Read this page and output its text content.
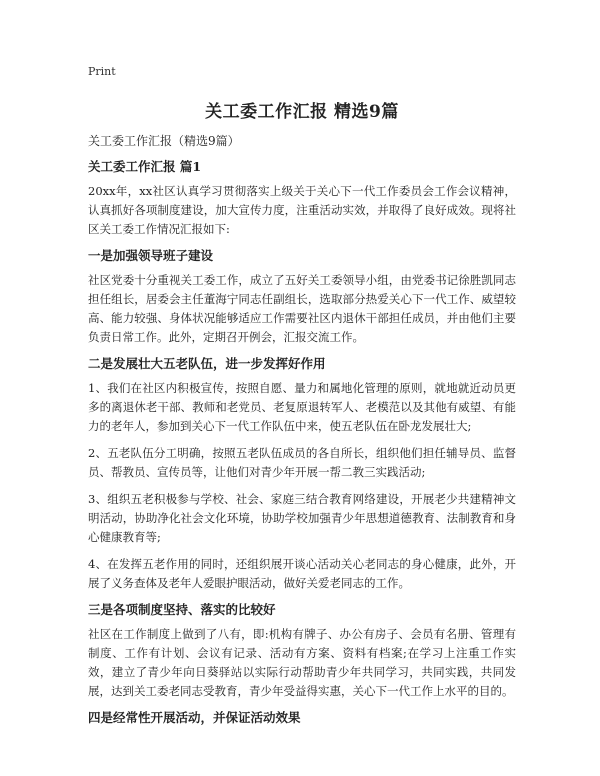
Print
关工委工作汇报 精选9篇
关工委工作汇报（精选9篇）
关工委工作汇报 篇1
20xx年，xx社区认真学习贯彻落实上级关于关心下一代工作委员会工作会议精神，认真抓好各项制度建设，加大宣传力度，注重活动实效，并取得了良好成效。现将社区关工委工作情况汇报如下:
一是加强领导班子建设
社区党委十分重视关工委工作，成立了五好关工委领导小组，由党委书记徐胜凯同志担任组长，居委会主任董海宁同志任副组长，选取部分热爱关心下一代工作、威望较高、能力较强、身体状况能够适应工作需要社区内退休干部担任成员，并由他们主要负责日常工作。此外，定期召开例会，汇报交流工作。
二是发展壮大五老队伍，进一步发挥好作用
1、我们在社区内积极宣传，按照自愿、量力和属地化管理的原则，就地就近动员更多的离退休老干部、教师和老党员、老复原退转军人、老模范以及其他有威望、有能力的老年人，参加到关心下一代工作队伍中来，使五老队伍在卧龙发展壮大;
2、五老队伍分工明确，按照五老队伍成员的各自所长，组织他们担任辅导员、监督员、帮教员、宣传员等，让他们对青少年开展一帮二教三实践活动;
3、组织五老积极参与学校、社会、家庭三结合教育网络建设，开展老少共建精神文明活动，协助净化社会文化环境，协助学校加强青少年思想道德教育、法制教育和身心健康教育等;
4、在发挥五老作用的同时，还组织展开谈心活动关心老同志的身心健康，此外，开展了义务查体及老年人爱眼护眼活动，做好关爱老同志的工作。
三是各项制度坚持、落实的比较好
社区在工作制度上做到了八有，即:机构有牌子、办公有房子、会员有名册、管理有制度、工作有计划、会议有记录、活动有方案、资料有档案;在学习上注重工作实效，建立了青少年向日葵驿站以实际行动帮助青少年共同学习，共同实践，共同发展，达到关工委老同志受教育，青少年受益得实惠，关心下一代工作上水平的目的。
四是经常性开展活动，并保证活动效果
